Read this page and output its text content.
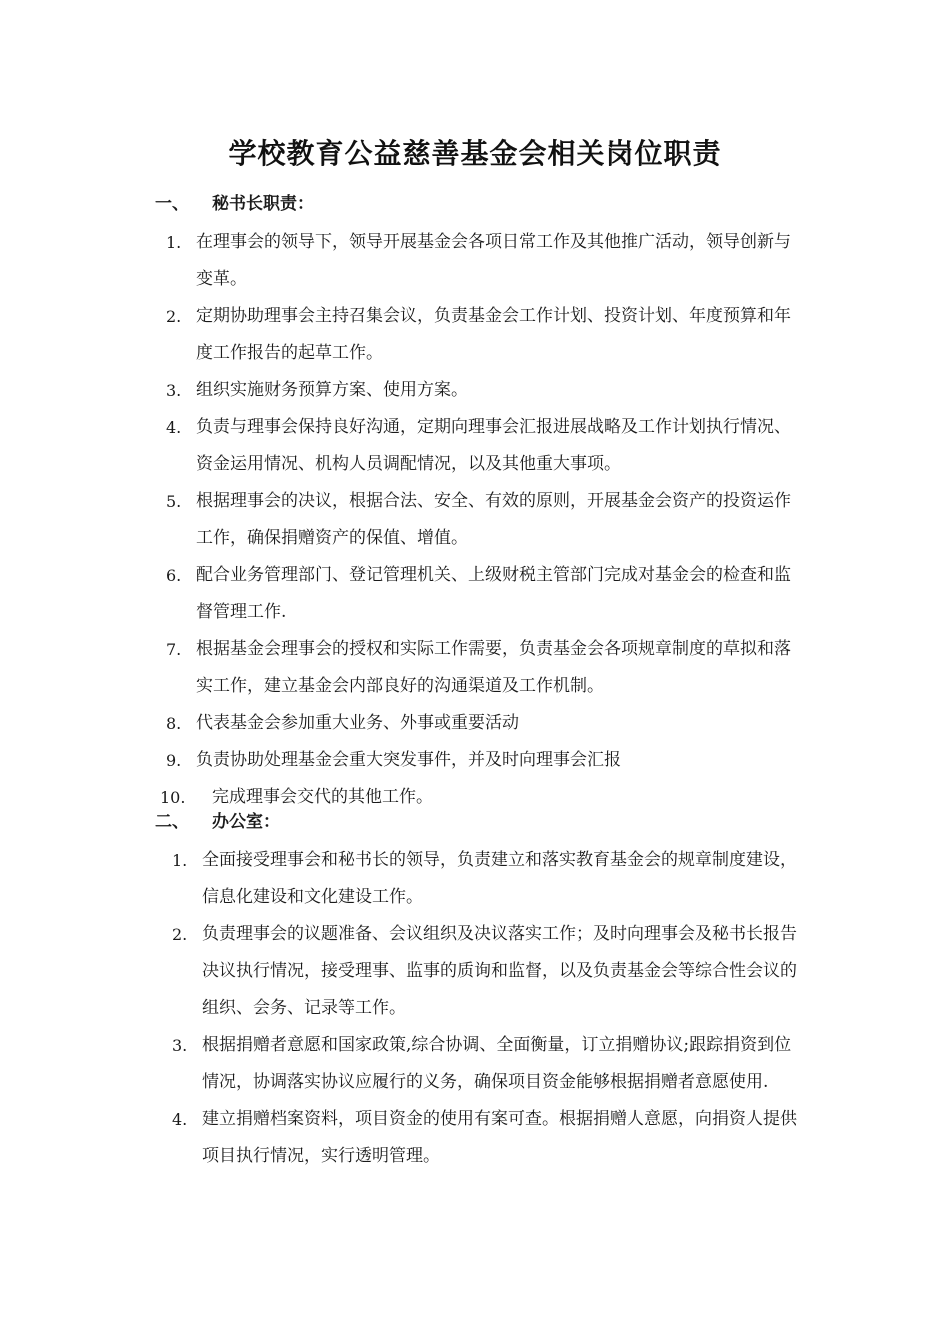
学校教育公益慈善基金会相关岗位职责
一、 秘书长职责：
1. 在理事会的领导下，领导开展基金会各项日常工作及其他推广活动，领导创新与变革。
2. 定期协助理事会主持召集会议，负责基金会工作计划、投资计划、年度预算和年度工作报告的起草工作。
3. 组织实施财务预算方案、使用方案。
4. 负责与理事会保持良好沟通，定期向理事会汇报进展战略及工作计划执行情况、资金运用情况、机构人员调配情况，以及其他重大事项。
5. 根据理事会的决议，根据合法、安全、有效的原则，开展基金会资产的投资运作工作，确保捐赠资产的保值、增值。
6. 配合业务管理部门、登记管理机关、上级财税主管部门完成对基金会的检查和监督管理工作.
7. 根据基金会理事会的授权和实际工作需要，负责基金会各项规章制度的草拟和落实工作，建立基金会内部良好的沟通渠道及工作机制。
8. 代表基金会参加重大业务、外事或重要活动
9. 负责协助处理基金会重大突发事件，并及时向理事会汇报
10. 完成理事会交代的其他工作。
二、 办公室：
1. 全面接受理事会和秘书长的领导，负责建立和落实教育基金会的规章制度建设，信息化建设和文化建设工作。
2. 负责理事会的议题准备、会议组织及决议落实工作；及时向理事会及秘书长报告决议执行情况，接受理事、监事的质询和监督，以及负责基金会等综合性会议的组织、会务、记录等工作。
3. 根据捐赠者意愿和国家政策,综合协调、全面衡量，订立捐赠协议;跟踪捐资到位情况，协调落实协议应履行的义务，确保项目资金能够根据捐赠者意愿使用.
4. 建立捐赠档案资料，项目资金的使用有案可查。根据捐赠人意愿，向捐资人提供项目执行情况，实行透明管理。
